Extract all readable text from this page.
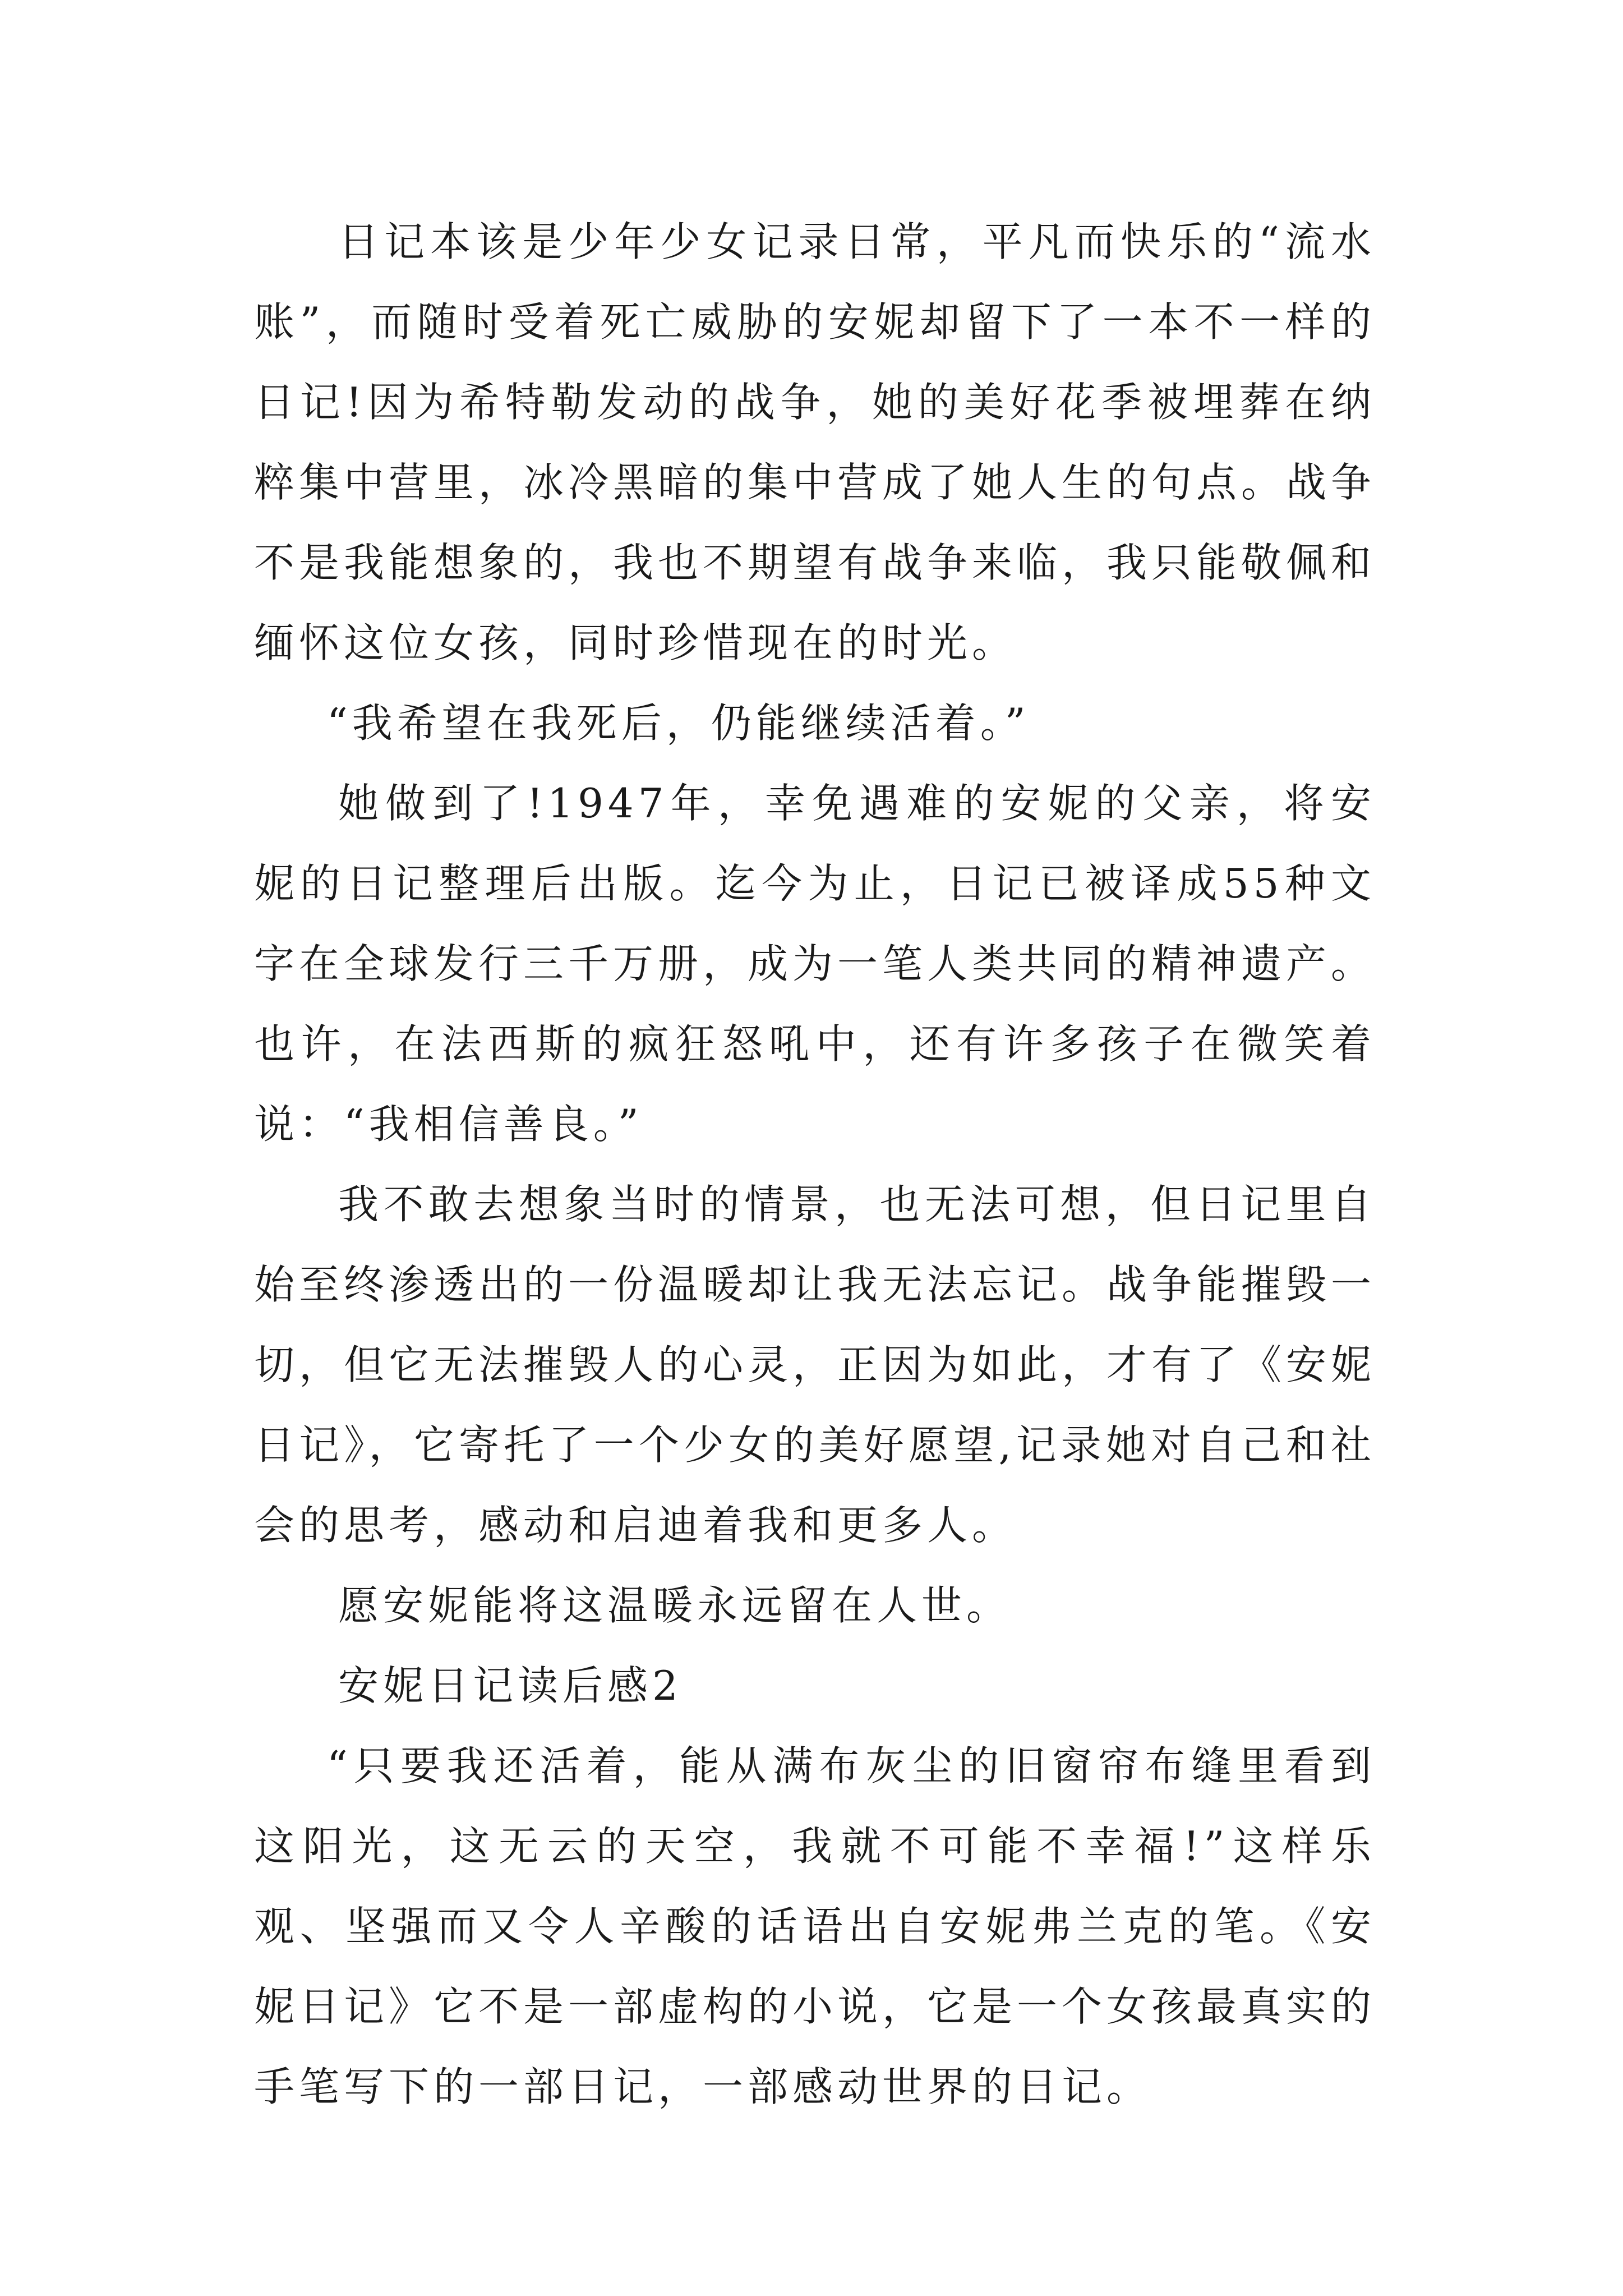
日记本该是少年少女记录日常，平凡而快乐的“流水账”，而随时受着死亡威胁的安妮却留下了一本不一样的日记!因为希特勒发动的战争，她的美好花季被埋葬在纳粹集中营里，冰冷黑暗的集中营成了她人生的句点。战争不是我能想象的，我也不期望有战争来临，我只能敬佩和缅怀这位女孩，同时珍惜现在的时光。

“我希望在我死后，仍能继续活着。”

她做到了!1947年，幸免遇难的安妮的父亲，将安妮的日记整理后出版。迄今为止，日记已被译成55种文字在全球发行三千万册，成为一笔人类共同的精神遗产。也许，在法西斯的疯狂怒吼中，还有许多孩子在微笑着说：“我相信善良。”

我不敢去想象当时的情景，也无法可想，但日记里自始至终渗透出的一份温暖却让我无法忘记。战争能摧毁一切，但它无法摧毁人的心灵，正因为如此，才有了《安妮日记》，它寄托了一个少女的美好愿望,记录她对自己和社会的思考，感动和启迪着我和更多人。

愿安妮能将这温暖永远留在人世。

安妮日记读后感2

“只要我还活着，能从满布灰尘的旧窗帘布缝里看到这阳光，这无云的天空，我就不可能不幸福!”这样乐观、坚强而又令人辛酸的话语出自安妮弗兰克的笔。《安妮日记》它不是一部虚构的小说，它是一个女孩最真实的手笔写下的一部日记，一部感动世界的日记。
